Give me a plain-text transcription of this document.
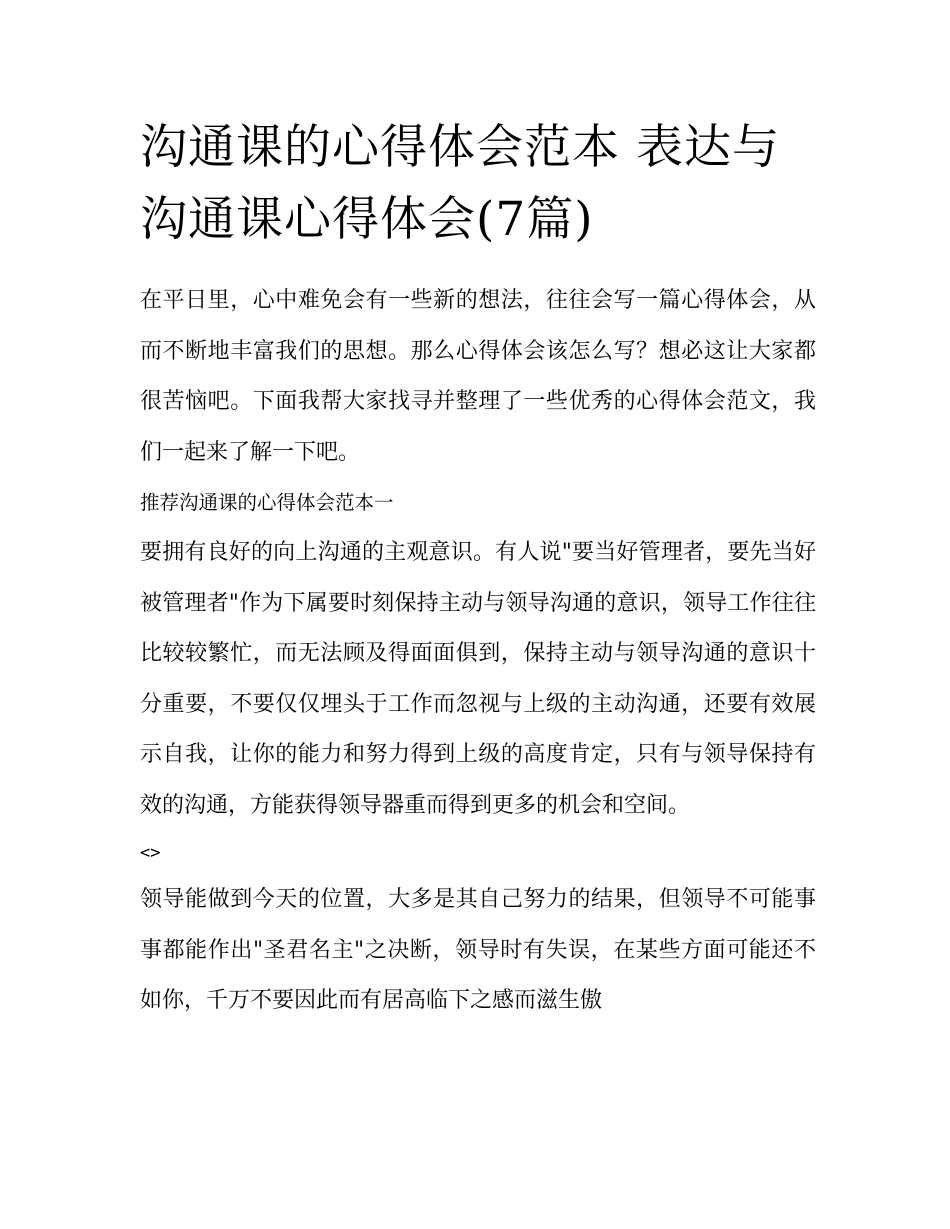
沟通课的心得体会范本 表达与沟通课心得体会(7篇)

在平日里，心中难免会有一些新的想法，往往会写一篇心得体会，从而不断地丰富我们的思想。那么心得体会该怎么写？想必这让大家都很苦恼吧。下面我帮大家找寻并整理了一些优秀的心得体会范文，我们一起来了解一下吧。

推荐沟通课的心得体会范本一

要拥有良好的向上沟通的主观意识。有人说"要当好管理者，要先当好被管理者"作为下属要时刻保持主动与领导沟通的意识，领导工作往往比较较繁忙，而无法顾及得面面俱到，保持主动与领导沟通的意识十分重要，不要仅仅埋头于工作而忽视与上级的主动沟通，还要有效展示自我，让你的能力和努力得到上级的高度肯定，只有与领导保持有效的沟通，方能获得领导器重而得到更多的机会和空间。

<>

领导能做到今天的位置，大多是其自己努力的结果，但领导不可能事事都能作出"圣君名主"之决断，领导时有失误，在某些方面可能还不如你，千万不要因此而有居高临下之感而滋生傲
